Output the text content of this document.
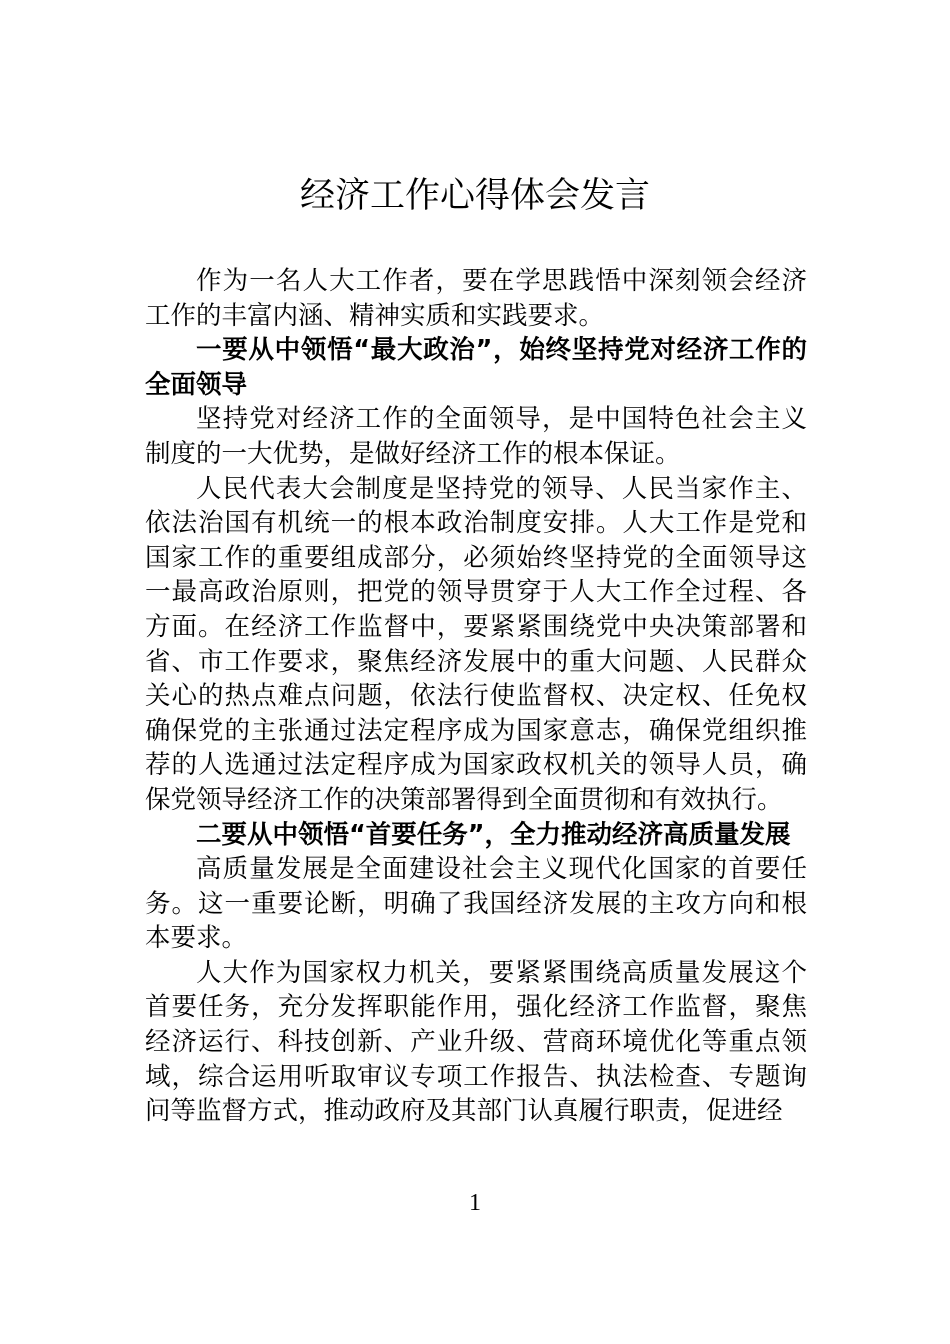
经济工作心得体会发言

作为一名人大工作者，要在学思践悟中深刻领会经济工作的丰富内涵、精神实质和实践要求。

一要从中领悟“最大政治”，始终坚持党对经济工作的全面领导

坚持党对经济工作的全面领导，是中国特色社会主义制度的一大优势，是做好经济工作的根本保证。

人民代表大会制度是坚持党的领导、人民当家作主、依法治国有机统一的根本政治制度安排。人大工作是党和国家工作的重要组成部分，必须始终坚持党的全面领导这一最高政治原则，把党的领导贯穿于人大工作全过程、各方面。在经济工作监督中，要紧紧围绕党中央决策部署和省、市工作要求，聚焦经济发展中的重大问题、人民群众关心的热点难点问题，依法行使监督权、决定权、任免权确保党的主张通过法定程序成为国家意志，确保党组织推荐的人选通过法定程序成为国家政权机关的领导人员，确保党领导经济工作的决策部署得到全面贯彻和有效执行。

二要从中领悟“首要任务”，全力推动经济高质量发展

高质量发展是全面建设社会主义现代化国家的首要任务。这一重要论断，明确了我国经济发展的主攻方向和根本要求。

人大作为国家权力机关，要紧紧围绕高质量发展这个首要任务，充分发挥职能作用，强化经济工作监督，聚焦经济运行、科技创新、产业升级、营商环境优化等重点领域，综合运用听取审议专项工作报告、执法检查、专题询问等监督方式，推动政府及其部门认真履行职责，促进经

1
